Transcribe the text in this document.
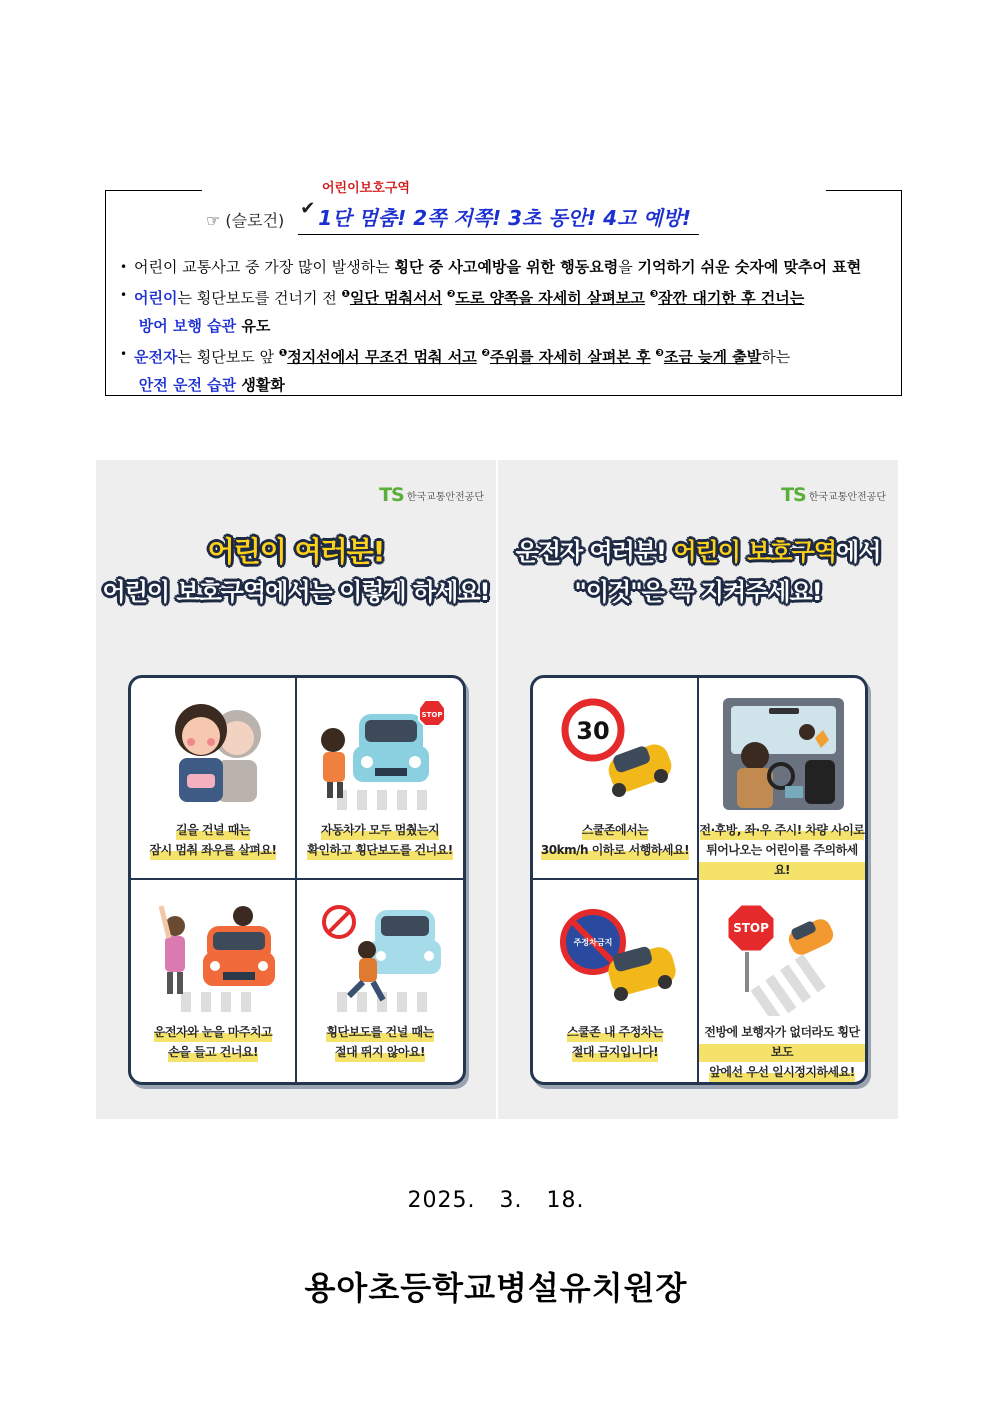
어린이보호구역
☞ (슬로건)
✔ 1단 멈춤! 2쪽 저쪽! 3초 동안! 4고 예방!
• 어린이 교통사고 중 가장 많이 발생하는 횡단 중 사고예방을 위한 행동요령을 기억하기 쉬운 숫자에 맞추어 표현
• 어린이는 횡단보도를 건너기 전 $^❶$일단 멈춰서서 $^❷$도로 양쪽을 자세히 살펴보고 $^❸$잠깐 대기한 후 건너는
방어 보행 습관 유도
• 운전자는 횡단보도 앞 $^❶$정지선에서 무조건 멈춰 서고 $^❷$주위를 자세히 살펴본 후 $^❸$조금 늦게 출발하는
안전 운전 습관 생활화
TS 한국교통안전공단
어린이 여러분!
어린이 보호구역에서는 이렇게 하세요!
길을 건널 때는
잠시 멈춰 좌우를 살펴요!
STOP
자동차가 모두 멈췄는지
확인하고 횡단보도를 건너요!
운전자와 눈을 마주치고
손을 들고 건너요!
횡단보도를 건널 때는
절대 뛰지 않아요!
TS 한국교통안전공단
운전자 여러분! 어린이 보호구역에서
"이것"은 꼭 지켜주세요!
30
스쿨존에서는
30km/h 이하로 서행하세요!
전·후방, 좌·우 주시! 차량 사이로
튀어나오는 어린이를 주의하세요!
주정차금지
스쿨존 내 주정차는
절대 금지입니다!
STOP
전방에 보행자가 없더라도 횡단보도
앞에선 우선 일시정지하세요!
2025. 3. 18.
용아초등학교병설유치원장
